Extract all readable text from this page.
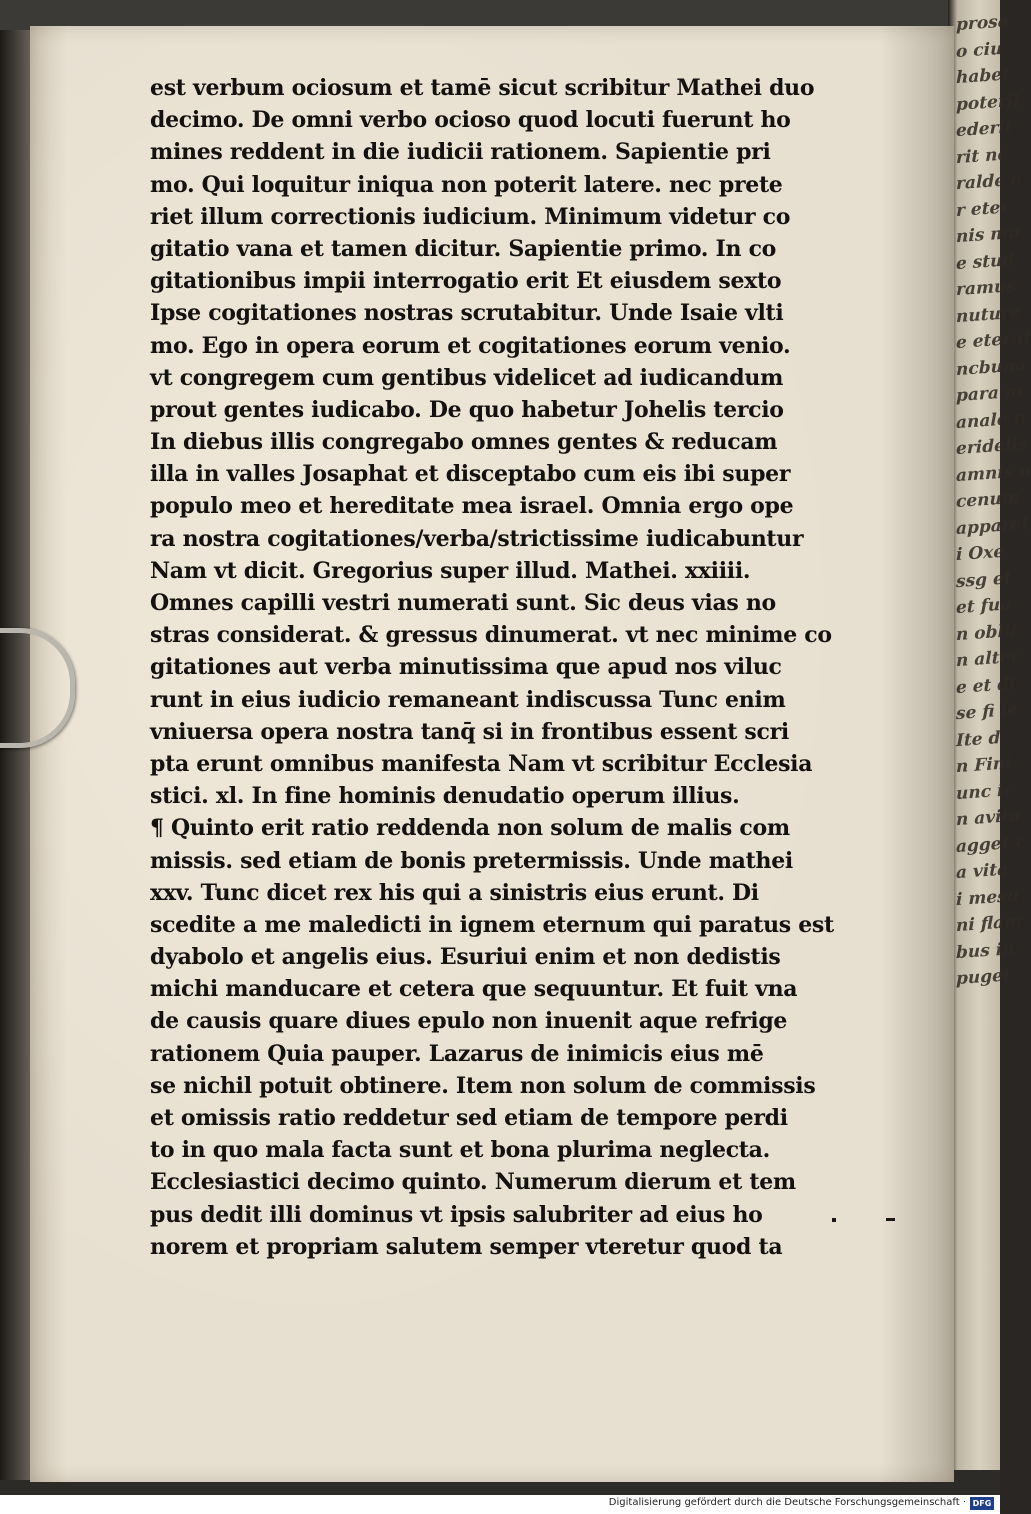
prosa
o ciu
habet
poterit
ederit
rit ne
ralde a
r eter
nis mo
e stud
ramus
nuture
e eterni
ncbuna
para m
anale n
eridelis
amnis o
cenum
apparet
i Oxe
ssg et
et fua
n oblit
n alter
e et di
se fi le
Ite d
n Fini
unc ic
n avita
agget e
a vita
i mesu
ni flam
bus in
pugei
est verbum ociosum et tamē sicut scribitur Mathei duo
decimo. De omni verbo ocioso quod locuti fuerunt ho
mines reddent in die iudicii rationem. Sapientie pri
mo. Qui loquitur iniqua non poterit latere. nec prete
riet illum correctionis iudicium. Minimum videtur co
gitatio vana et tamen dicitur. Sapientie primo. In co
gitationibus impii interrogatio erit Et eiusdem sexto
Ipse cogitationes nostras scrutabitur. Unde Isaie vlti
mo. Ego in opera eorum et cogitationes eorum venio.
vt congregem cum gentibus videlicet ad iudicandum
prout gentes iudicabo. De quo habetur Johelis tercio
In diebus illis congregabo omnes gentes & reducam
illa in valles Josaphat et disceptabo cum eis ibi super
populo meo et hereditate mea israel. Omnia ergo ope
ra nostra cogitationes/verba/strictissime iudicabuntur
Nam vt dicit. Gregorius super illud. Mathei. xxiiii.
Omnes capilli vestri numerati sunt. Sic deus vias no
stras considerat. & gressus dinumerat. vt nec minime co
gitationes aut verba minutissima que apud nos viluc
runt in eius iudicio remaneant indiscussa Tunc enim
vniuersa opera nostra tanq̄ si in frontibus essent scri
pta erunt omnibus manifesta Nam vt scribitur Ecclesia
stici. xl. In fine hominis denudatio operum illius.
¶ Quinto erit ratio reddenda non solum de malis com
missis. sed etiam de bonis pretermissis. Unde mathei
xxv. Tunc dicet rex his qui a sinistris eius erunt. Di
scedite a me maledicti in ignem eternum qui paratus est
dyabolo et angelis eius. Esuriui enim et non dedistis
michi manducare et cetera que sequuntur. Et fuit vna
de causis quare diues epulo non inuenit aque refrige
rationem Quia pauper. Lazarus de inimicis eius mē
se nichil potuit obtinere. Item non solum de commissis
et omissis ratio reddetur sed etiam de tempore perdi
to in quo mala facta sunt et bona plurima neglecta.
Ecclesiastici decimo quinto. Numerum dierum et tem
pus dedit illi dominus vt ipsis salubriter ad eius ho
norem et propriam salutem semper vteretur quod ta
Digitalisierung gefördert durch die Deutsche Forschungsgemeinschaft · DFG
